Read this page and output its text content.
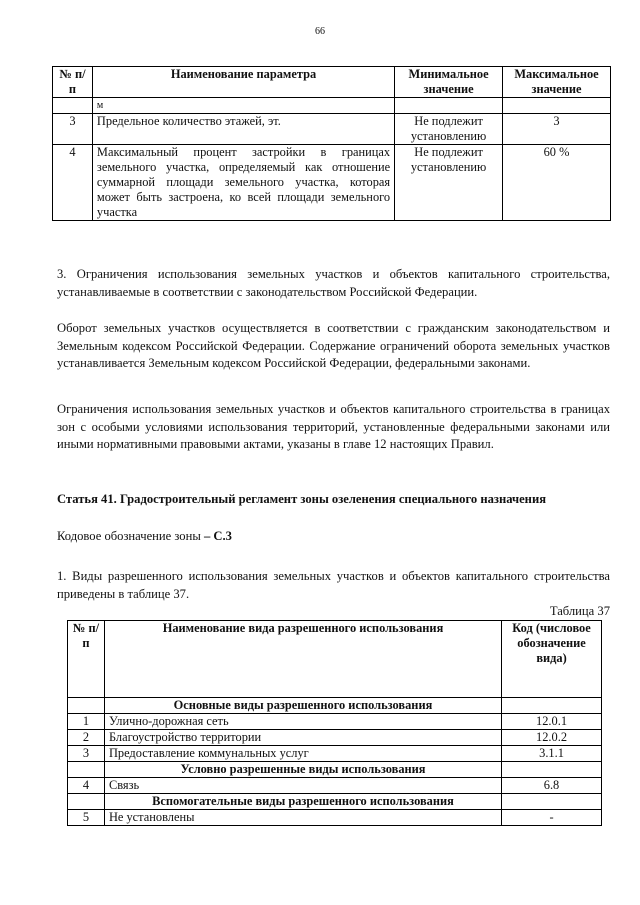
66
№ п/п	Наименование параметра	Минимальное значение	Максимальное значение
	м		
3	Предельное количество этажей, эт.	Не подлежит установлению	3
4	Максимальный процент застройки в границах земельного участка, определяемый как отношение суммарной площади земельного участка, которая может быть застроена, ко всей площади земельного участка	Не подлежит установлению	60 %
3. Ограничения использования земельных участков и объектов капитального строительства, устанавливаемые в соответствии с законодательством Российской Федерации.
Оборот земельных участков осуществляется в соответствии с гражданским законодательством и Земельным кодексом Российской Федерации. Содержание ограничений оборота земельных участков устанавливается Земельным кодексом Российской Федерации, федеральными законами.
Ограничения использования земельных участков и объектов капитального строительства в границах зон с особыми условиями использования территорий, установленные федеральными законами или иными нормативными правовыми актами, указаны в главе 12 настоящих Правил.
Статья 41. Градостроительный регламент зоны озеленения специального назначения
Кодовое обозначение зоны – С.3
1. Виды разрешенного использования земельных участков и объектов капитального строительства приведены в таблице 37.
Таблица 37
№ п/ п	Наименование вида разрешенного использования	Код (числовое обозначение вида)
	Основные виды разрешенного использования	
1	Улично-дорожная сеть	12.0.1
2	Благоустройство территории	12.0.2
3	Предоставление коммунальных услуг	3.1.1
	Условно разрешенные виды использования	
4	Связь	6.8
	Вспомогательные виды разрешенного использования	
5	Не установлены	-
